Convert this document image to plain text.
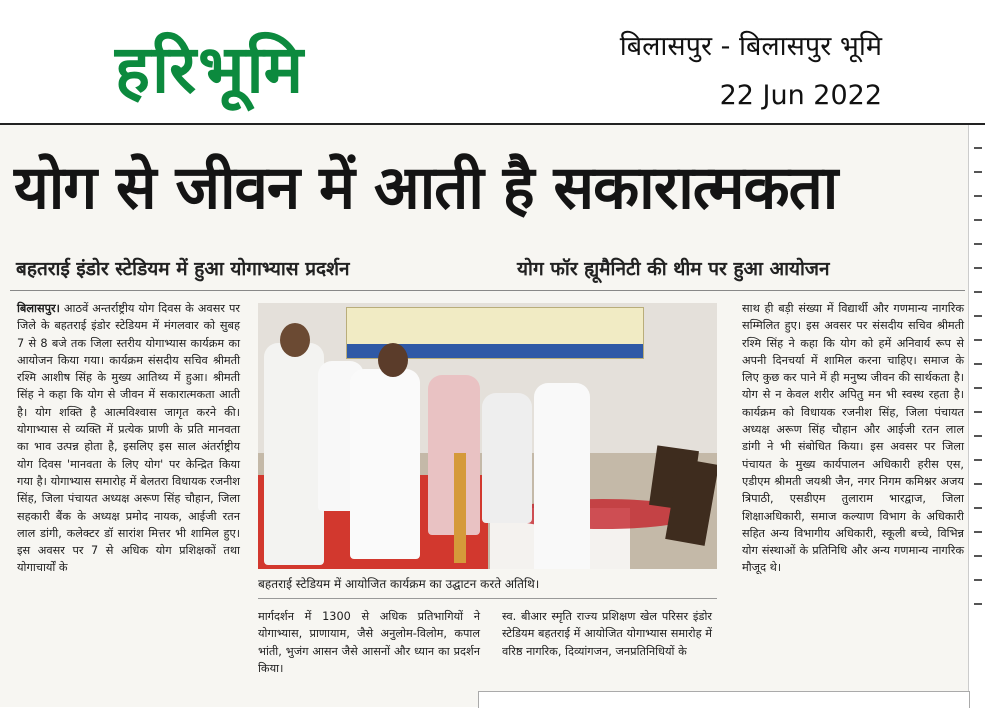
हरिभूमि	बिलासपुर - बिलासपुर भूमि
22 Jun 2022
योग से जीवन में आती है सकारात्मकता
बहतराई इंडोर स्टेडियम में हुआ योगाभ्यास प्रदर्शन	योग फॉर ह्यूमैनिटी की थीम पर हुआ आयोजन
बिलासपुर। आठवें अन्तर्राष्ट्रीय योग दिवस के अवसर पर जिले के बहतराई इंडोर स्टेडियम में मंगलवार को सुबह 7 से 8 बजे तक जिला स्तरीय योगाभ्यास कार्यक्रम का आयोजन किया गया। कार्यक्रम संसदीय सचिव श्रीमती रश्मि आशीष सिंह के मुख्य आतिथ्य में हुआ। श्रीमती सिंह ने कहा कि योग से जीवन में सकारात्मकता आती है। योग शक्ति है आत्मविश्वास जागृत करने की। योगाभ्यास से व्यक्ति में प्रत्येक प्राणी के प्रति मानवता का भाव उत्पन्न होता है, इसलिए इस साल अंतर्राष्ट्रीय योग दिवस 'मानवता के लिए योग' पर केन्द्रित किया गया है। योगाभ्यास समारोह में बेलतरा विधायक रजनीश सिंह, जिला पंचायत अध्यक्ष अरूण सिंह चौहान, जिला सहकारी बैंक के अध्यक्ष प्रमोद नायक, आईजी रतन लाल डांगी, कलेक्टर डॉ सारांश मित्तर भी शामिल हुए। इस अवसर पर 7 से अधिक योग प्रशिक्षकों तथा योगाचार्यों के
बहतराई स्टेडियम में आयोजित कार्यक्रम का उद्घाटन करते अतिथि।
मार्गदर्शन में 1300 से अधिक प्रतिभागियों ने योगाभ्यास, प्राणायाम, जैसे अनुलोम-विलोम, कपाल भांती, भुजंग आसन जैसे आसनों और ध्यान का प्रदर्शन किया।
स्व. बीआर स्मृति राज्य प्रशिक्षण खेल परिसर इंडोर स्टेडियम बहतराई में आयोजित योगाभ्यास समारोह में वरिष्ठ नागरिक, दिव्यांगजन, जनप्रतिनिधियों के
साथ ही बड़ी संख्या में विद्यार्थी और गणमान्य नागरिक सम्मिलित हुए। इस अवसर पर संसदीय सचिव श्रीमती रश्मि सिंह ने कहा कि योग को हमें अनिवार्य रूप से अपनी दिनचर्या में शामिल करना चाहिए। समाज के लिए कुछ कर पाने में ही मनुष्य जीवन की सार्थकता है। योग से न केवल शरीर अपितु मन भी स्वस्थ रहता है। कार्यक्रम को विधायक रजनीश सिंह, जिला पंचायत अध्यक्ष अरूण सिंह चौहान और आईजी रतन लाल डांगी ने भी संबोधित किया। इस अवसर पर जिला पंचायत के मुख्य कार्यपालन अधिकारी हरीस एस, एडीएम श्रीमती जयश्री जैन, नगर निगम कमिश्नर अजय त्रिपाठी, एसडीएम तुलाराम भारद्वाज, जिला शिक्षाअधिकारी, समाज कल्याण विभाग के अधिकारी सहित अन्य विभागीय अधिकारी, स्कूली बच्चे, विभिन्न योग संस्थाओं के प्रतिनिधि और अन्य गणमान्य नागरिक मौजूद थे।
